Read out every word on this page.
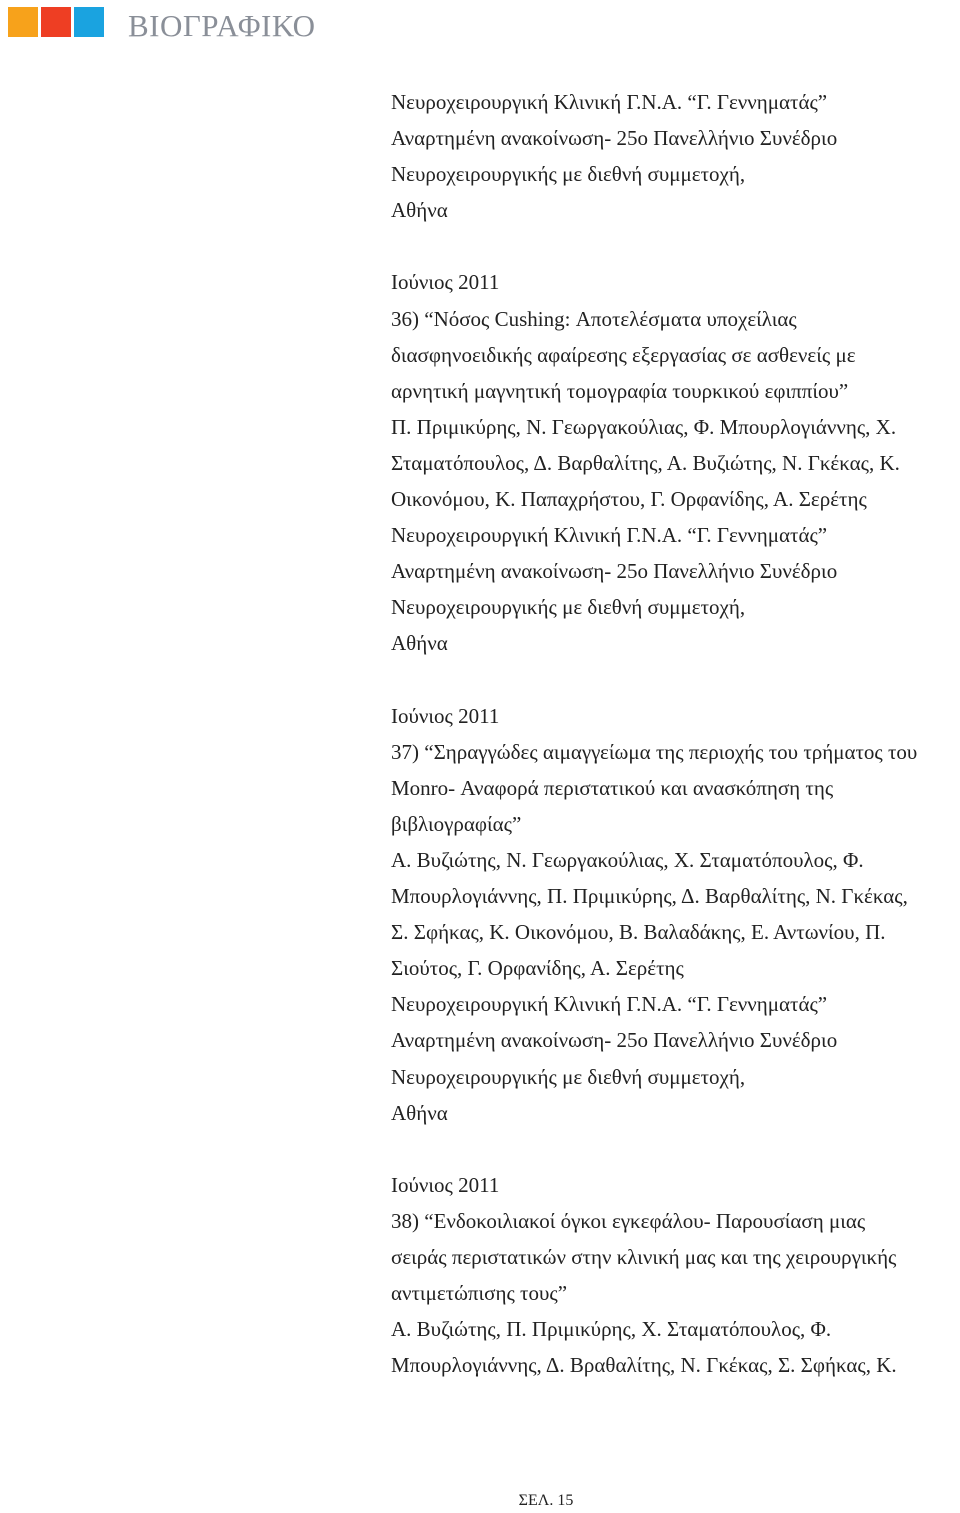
ΒΙΟΓΡΑΦΙΚΟ
Νευροχειρουργική Κλινική Γ.Ν.Α. “Γ. Γεννηματάς”
Αναρτημένη ανακοίνωση- 25ο Πανελλήνιο Συνέδριο
Νευροχειρουργικής με διεθνή συμμετοχή,
Αθήνα
Ιούνιος 2011
36) “Νόσος Cushing: Αποτελέσματα υποχείλιας
διασφηνοειδικής αφαίρεσης εξεργασίας σε ασθενείς με
αρνητική μαγνητική τομογραφία τουρκικού εφιππίου”
Π. Πριμικύρης, Ν. Γεωργακούλιας, Φ. Μπουρλογιάννης, Χ.
Σταματόπουλος, Δ. Βαρθαλίτης, Α. Βυζιώτης, Ν. Γκέκας, Κ.
Οικονόμου, Κ. Παπαχρήστου, Γ. Ορφανίδης, Α. Σερέτης
Νευροχειρουργική Κλινική Γ.Ν.Α. “Γ. Γεννηματάς”
Αναρτημένη ανακοίνωση- 25ο Πανελλήνιο Συνέδριο
Νευροχειρουργικής με διεθνή συμμετοχή,
Αθήνα
Ιούνιος 2011
37) “Σηραγγώδες αιμαγγείωμα της περιοχής του τρήματος του
Monro- Αναφορά περιστατικού και ανασκόπηση της
βιβλιογραφίας”
Α. Βυζιώτης, Ν. Γεωργακούλιας, Χ. Σταματόπουλος, Φ.
Μπουρλογιάννης, Π. Πριμικύρης, Δ. Βαρθαλίτης, Ν. Γκέκας,
Σ. Σφήκας, Κ. Οικονόμου, Β. Βαλαδάκης, Ε. Αντωνίου, Π.
Σιούτος, Γ. Ορφανίδης, Α. Σερέτης
Νευροχειρουργική Κλινική Γ.Ν.Α. “Γ. Γεννηματάς”
Αναρτημένη ανακοίνωση- 25ο Πανελλήνιο Συνέδριο
Νευροχειρουργικής με διεθνή συμμετοχή,
Αθήνα
Ιούνιος 2011
38) “Ενδοκοιλιακοί όγκοι εγκεφάλου- Παρουσίαση μιας
σειράς περιστατικών στην κλινική μας και της χειρουργικής
αντιμετώπισης τους”
Α. Βυζιώτης, Π. Πριμικύρης, Χ. Σταματόπουλος, Φ.
Μπουρλογιάννης, Δ. Βραθαλίτης, Ν. Γκέκας, Σ. Σφήκας, Κ.
ΣΕΛ. 15
